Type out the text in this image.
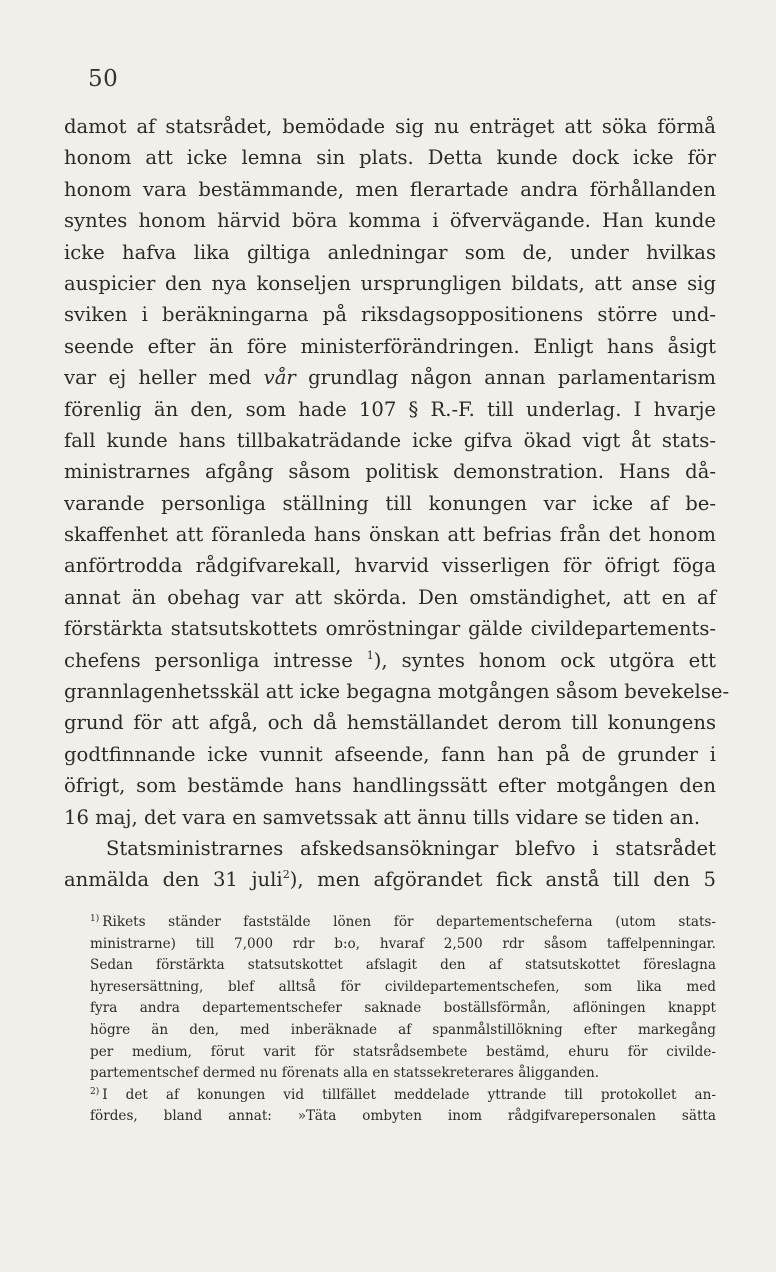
50
damot af statsrådet, bemödade sig nu enträget att söka förmå
honom att icke lemna sin plats. Detta kunde dock icke för
honom vara bestämmande, men flerartade andra förhållanden
syntes honom härvid böra komma i öfvervägande. Han kunde
icke hafva lika giltiga anledningar som de, under hvilkas
auspicier den nya konseljen ursprungligen bildats, att anse sig
sviken i beräkningarna på riksdagsoppositionens större und-
seende efter än före ministerförändringen. Enligt hans åsigt
var ej heller med vår grundlag någon annan parlamentarism
förenlig än den, som hade 107 § R.-F. till underlag. I hvarje
fall kunde hans tillbakaträdande icke gifva ökad vigt åt stats-
ministrarnes afgång såsom politisk demonstration. Hans då-
varande personliga ställning till konungen var icke af be-
skaffenhet att föranleda hans önskan att befrias från det honom
anförtrodda rådgifvarekall, hvarvid visserligen för öfrigt föga
annat än obehag var att skörda. Den omständighet, att en af
förstärkta statsutskottets omröstningar gälde civildepartements-
chefens personliga intresse $^1$), syntes honom ock utgöra ett
grannlagenhetsskäl att icke begagna motgången såsom bevekelse-
grund för att afgå, och då hemställandet derom till konungens
godtfinnande icke vunnit afseende, fann han på de grunder i
öfrigt, som bestämde hans handlingssätt efter motgången den
16 maj, det vara en samvetssak att ännu tills vidare se tiden an.
Statsministrarnes afskedsansökningar blefvo i statsrådet
anmälda den 31 juli$^2$), men afgörandet fick anstå till den 5
$^{1)}$ Rikets ständer faststälde lönen för departementscheferna (utom stats-
ministrarne) till 7,000 rdr b:o, hvaraf 2,500 rdr såsom taffelpenningar.
Sedan förstärkta statsutskottet afslagit den af statsutskottet föreslagna
hyresersättning, blef alltså för civildepartementschefen, som lika med
fyra andra departementschefer saknade boställsförmån, aflöningen knappt
högre än den, med inberäknade af spanmålstillökning efter markegång
per medium, förut varit för statsrådsembete bestämd, ehuru för civilde-
partementschef dermed nu förenats alla en statssekreterares åligganden.
$^{2)}$ I det af konungen vid tillfället meddelade yttrande till protokollet an-
fördes, bland annat: »Täta ombyten inom rådgifvarepersonalen sätta
